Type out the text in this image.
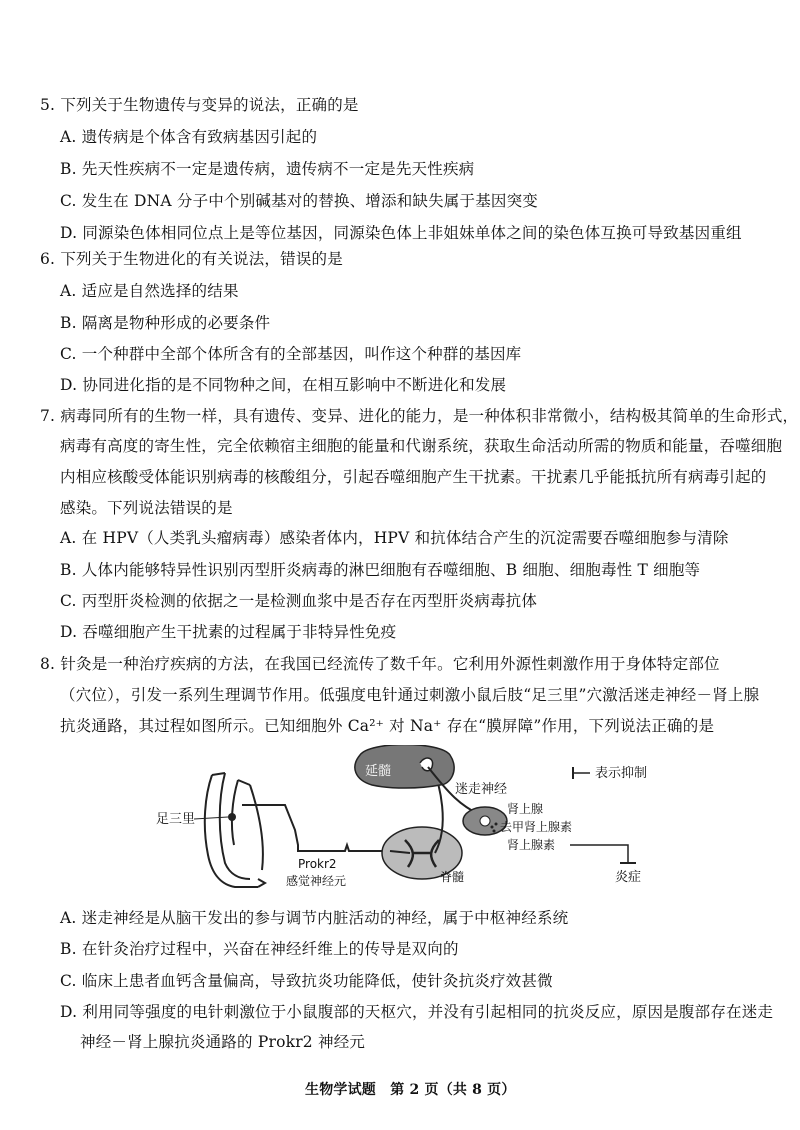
5. 下列关于生物遗传与变异的说法，正确的是
A. 遗传病是个体含有致病基因引起的
B. 先天性疾病不一定是遗传病，遗传病不一定是先天性疾病
C. 发生在 DNA 分子中个别碱基对的替换、增添和缺失属于基因突变
D. 同源染色体相同位点上是等位基因，同源染色体上非姐妹单体之间的染色体互换可导致基因重组
6. 下列关于生物进化的有关说法，错误的是
A. 适应是自然选择的结果
B. 隔离是物种形成的必要条件
C. 一个种群中全部个体所含有的全部基因，叫作这个种群的基因库
D. 协同进化指的是不同物种之间，在相互影响中不断进化和发展
7. 病毒同所有的生物一样，具有遗传、变异、进化的能力，是一种体积非常微小，结构极其简单的生命形式，
病毒有高度的寄生性，完全依赖宿主细胞的能量和代谢系统，获取生命活动所需的物质和能量，吞噬细胞
内相应核酸受体能识别病毒的核酸组分，引起吞噬细胞产生干扰素。干扰素几乎能抵抗所有病毒引起的
感染。下列说法错误的是
A. 在 HPV（人类乳头瘤病毒）感染者体内，HPV 和抗体结合产生的沉淀需要吞噬细胞参与清除
B. 人体内能够特异性识别丙型肝炎病毒的淋巴细胞有吞噬细胞、B 细胞、细胞毒性 T 细胞等
C. 丙型肝炎检测的依据之一是检测血浆中是否存在丙型肝炎病毒抗体
D. 吞噬细胞产生干扰素的过程属于非特异性免疫
8. 针灸是一种治疗疾病的方法，在我国已经流传了数千年。它利用外源性刺激作用于身体特定部位
（穴位），引发一系列生理调节作用。低强度电针通过刺激小鼠后肢“足三里”穴激活迷走神经－肾上腺
抗炎通路，其过程如图所示。已知细胞外 Ca²⁺ 对 Na⁺ 存在“膜屏障”作用，下列说法正确的是
足三里
延髓
迷走神经
肾上腺
去甲肾上腺素
肾上腺素
炎症
表示抑制
Prokr2
感觉神经元	脊髓
A. 迷走神经是从脑干发出的参与调节内脏活动的神经，属于中枢神经系统
B. 在针灸治疗过程中，兴奋在神经纤维上的传导是双向的
C. 临床上患者血钙含量偏高，导致抗炎功能降低，使针灸抗炎疗效甚微
D. 利用同等强度的电针刺激位于小鼠腹部的天枢穴，并没有引起相同的抗炎反应，原因是腹部存在迷走
神经－肾上腺抗炎通路的 Prokr2 神经元
生物学试题　第 2 页（共 8 页）
